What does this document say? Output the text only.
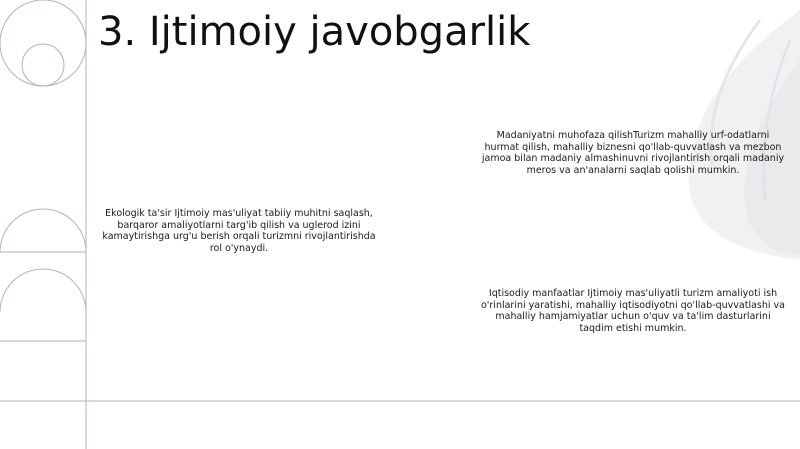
3. Ijtimoiy javobgarlik

Madaniyatni muhofaza qilishTurizm mahalliy urf-odatlarni hurmat qilish, mahalliy biznesni qo'llab-quvvatlash va mezbon jamoa bilan madaniy almashinuvni rivojlantirish orqali madaniy meros va an'analarni saqlab qolishi mumkin.

Ekologik ta'sir Ijtimoiy mas'uliyat tabiiy muhitni saqlash, barqaror amaliyotlarni targ'ib qilish va uglerod izini kamaytirishga urg'u berish orqali turizmni rivojlantirishda rol o'ynaydi.

Iqtisodiy manfaatlar Ijtimoiy mas'uliyatli turizm amaliyoti ish o'rinlarini yaratishi, mahalliy iqtisodiyotni qo'llab-quvvatlashi va mahalliy hamjamiyatlar uchun o'quv va ta'lim dasturlarini taqdim etishi mumkin.
